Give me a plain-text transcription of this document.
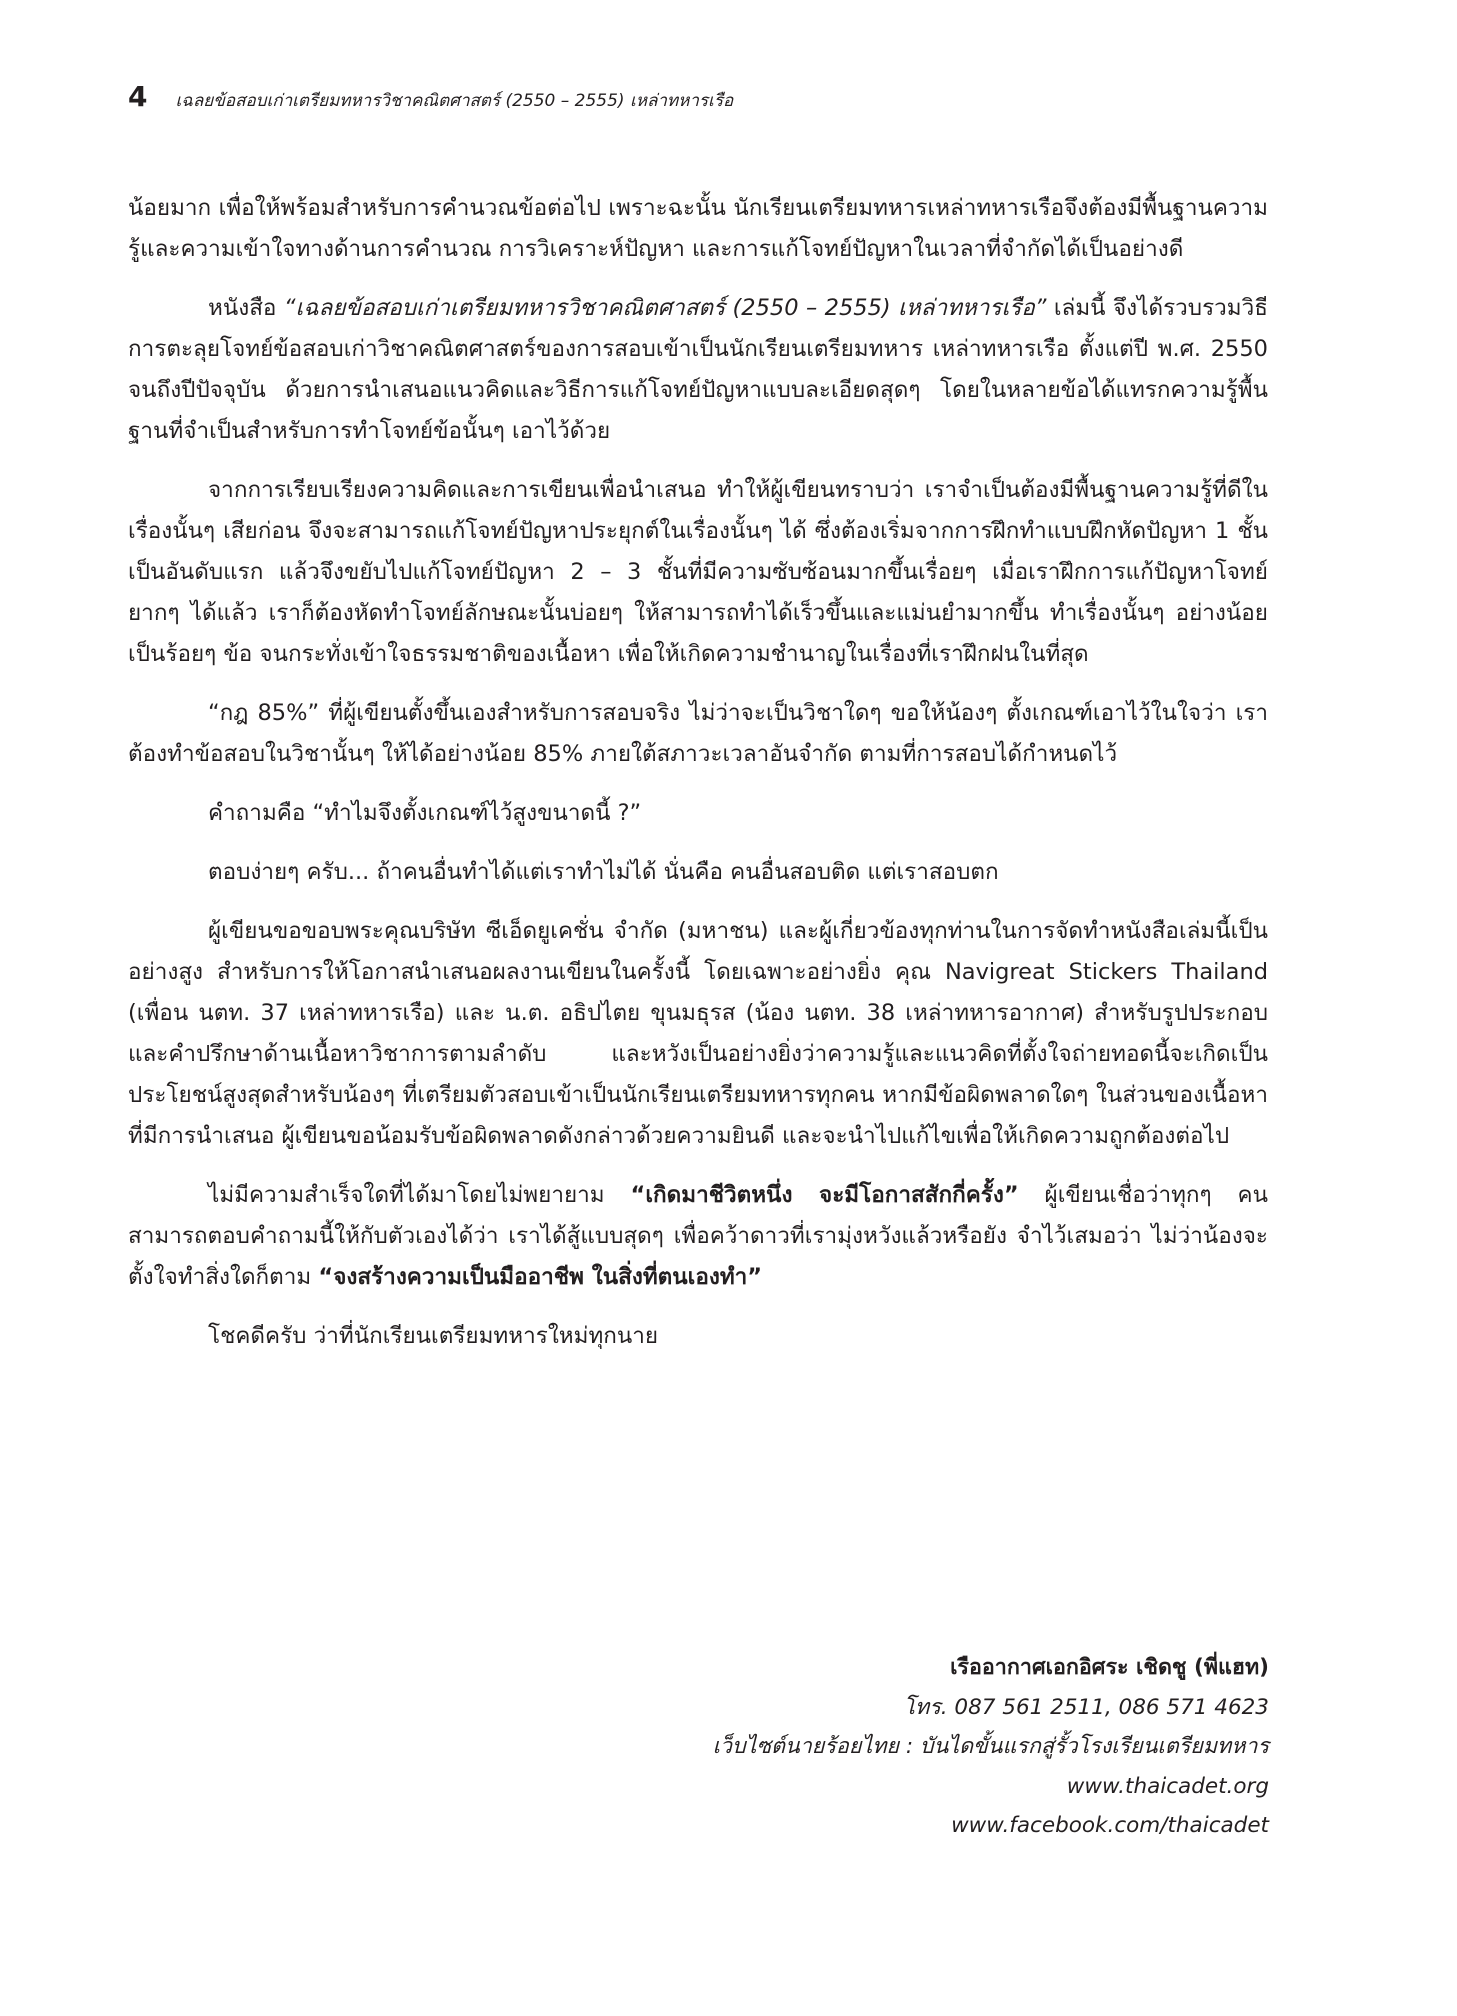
4 เฉลยข้อสอบเก่าเตรียมทหารวิชาคณิตศาสตร์ (2550 – 2555) เหล่าทหารเรือ

น้อยมาก เพื่อให้พร้อมสำหรับการคำนวณข้อต่อไป เพราะฉะนั้น นักเรียนเตรียมทหารเหล่าทหารเรือจึงต้องมีพื้นฐานความรู้และความเข้าใจทางด้านการคำนวณ การวิเคราะห์ปัญหา และการแก้โจทย์ปัญหาในเวลาที่จำกัดได้เป็นอย่างดี

หนังสือ “เฉลยข้อสอบเก่าเตรียมทหารวิชาคณิตศาสตร์ (2550 – 2555) เหล่าทหารเรือ” เล่มนี้ จึงได้รวบรวมวิธีการตะลุยโจทย์ข้อสอบเก่าวิชาคณิตศาสตร์ของการสอบเข้าเป็นนักเรียนเตรียมทหาร เหล่าทหารเรือ ตั้งแต่ปี พ.ศ. 2550 จนถึงปีปัจจุบัน ด้วยการนำเสนอแนวคิดและวิธีการแก้โจทย์ปัญหาแบบละเอียดสุดๆ โดยในหลายข้อได้แทรกความรู้พื้นฐานที่จำเป็นสำหรับการทำโจทย์ข้อนั้นๆ เอาไว้ด้วย

จากการเรียบเรียงความคิดและการเขียนเพื่อนำเสนอ ทำให้ผู้เขียนทราบว่า เราจำเป็นต้องมีพื้นฐานความรู้ที่ดีในเรื่องนั้นๆ เสียก่อน จึงจะสามารถแก้โจทย์ปัญหาประยุกต์ในเรื่องนั้นๆ ได้ ซึ่งต้องเริ่มจากการฝึกทำแบบฝึกหัดปัญหา 1 ชั้น เป็นอันดับแรก แล้วจึงขยับไปแก้โจทย์ปัญหา 2 – 3 ชั้นที่มีความซับซ้อนมากขึ้นเรื่อยๆ เมื่อเราฝึกการแก้ปัญหาโจทย์ยากๆ ได้แล้ว เราก็ต้องหัดทำโจทย์ลักษณะนั้นบ่อยๆ ให้สามารถทำได้เร็วขึ้นและแม่นยำมากขึ้น ทำเรื่องนั้นๆ อย่างน้อยเป็นร้อยๆ ข้อ จนกระทั่งเข้าใจธรรมชาติของเนื้อหา เพื่อให้เกิดความชำนาญในเรื่องที่เราฝึกฝนในที่สุด

“กฎ 85%” ที่ผู้เขียนตั้งขึ้นเองสำหรับการสอบจริง ไม่ว่าจะเป็นวิชาใดๆ ขอให้น้องๆ ตั้งเกณฑ์เอาไว้ในใจว่า เราต้องทำข้อสอบในวิชานั้นๆ ให้ได้อย่างน้อย 85% ภายใต้สภาวะเวลาอันจำกัด ตามที่การสอบได้กำหนดไว้

คำถามคือ “ทำไมจึงตั้งเกณฑ์ไว้สูงขนาดนี้ ?”

ตอบง่ายๆ ครับ... ถ้าคนอื่นทำได้แต่เราทำไม่ได้ นั่นคือ คนอื่นสอบติด แต่เราสอบตก

ผู้เขียนขอขอบพระคุณบริษัท ซีเอ็ดยูเคชั่น จำกัด (มหาชน) และผู้เกี่ยวข้องทุกท่านในการจัดทำหนังสือเล่มนี้เป็นอย่างสูง สำหรับการให้โอกาสนำเสนอผลงานเขียนในครั้งนี้ โดยเฉพาะอย่างยิ่ง คุณ Navigreat Stickers Thailand (เพื่อน นตท. 37 เหล่าทหารเรือ) และ น.ต. อธิปไตย ขุนมธุรส (น้อง นตท. 38 เหล่าทหารอากาศ) สำหรับรูปประกอบและคำปรึกษาด้านเนื้อหาวิชาการตามลำดับ และหวังเป็นอย่างยิ่งว่าความรู้และแนวคิดที่ตั้งใจถ่ายทอดนี้จะเกิดเป็นประโยชน์สูงสุดสำหรับน้องๆ ที่เตรียมตัวสอบเข้าเป็นนักเรียนเตรียมทหารทุกคน หากมีข้อผิดพลาดใดๆ ในส่วนของเนื้อหาที่มีการนำเสนอ ผู้เขียนขอน้อมรับข้อผิดพลาดดังกล่าวด้วยความยินดี และจะนำไปแก้ไขเพื่อให้เกิดความถูกต้องต่อไป

ไม่มีความสำเร็จใดที่ได้มาโดยไม่พยายาม “เกิดมาชีวิตหนึ่ง จะมีโอกาสสักกี่ครั้ง” ผู้เขียนเชื่อว่าทุกๆ คนสามารถตอบคำถามนี้ให้กับตัวเองได้ว่า เราได้สู้แบบสุดๆ เพื่อคว้าดาวที่เรามุ่งหวังแล้วหรือยัง จำไว้เสมอว่า ไม่ว่าน้องจะตั้งใจทำสิ่งใดก็ตาม “จงสร้างความเป็นมืออาชีพ ในสิ่งที่ตนเองทำ”

โชคดีครับ ว่าที่นักเรียนเตรียมทหารใหม่ทุกนาย

เรืออากาศเอกอิศระ เชิดชู (พี่แฮท)
โทร. 087 561 2511, 086 571 4623
เว็บไซต์นายร้อยไทย : บันไดขั้นแรกสู่รั้วโรงเรียนเตรียมทหาร
www.thaicadet.org
www.facebook.com/thaicadet
